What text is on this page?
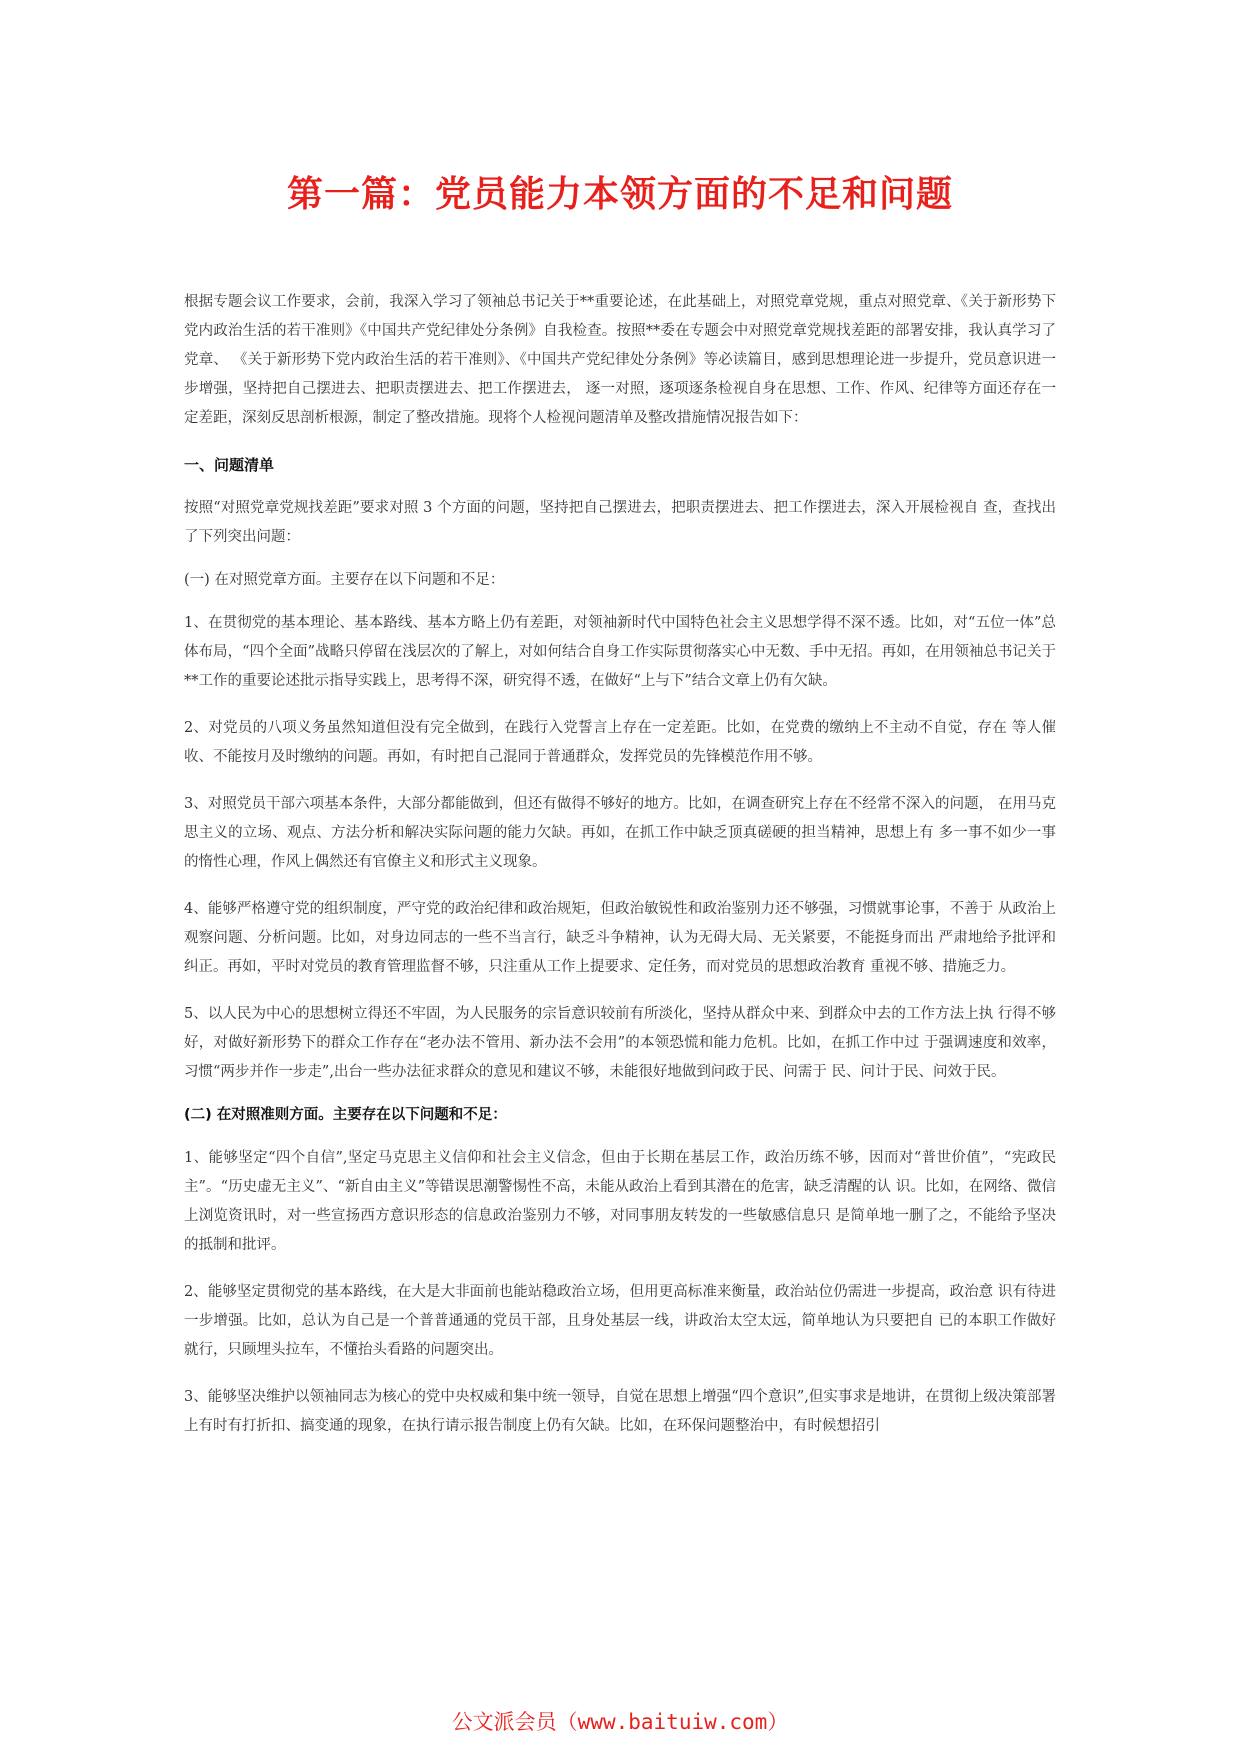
第一篇：党员能力本领方面的不足和问题

根据专题会议工作要求，会前，我深入学习了领袖总书记关于**重要论述，在此基础上，对照党章党规，重点对照党章、《关于新形势下党内政治生活的若干准则》《中国共产党纪律处分条例》自我检查。按照**委在专题会中对照党章党规找差距的部署安排，我认真学习了党章、 《关于新形势下党内政治生活的若干准则》、《中国共产党纪律处分条例》等必读篇目，感到思想理论进一步提升，党员意识进一步增强，坚持把自己摆进去、把职责摆进去、把工作摆进去， 逐一对照，逐项逐条检视自身在思想、工作、作风、纪律等方面还存在一定差距，深刻反思剖析根源，制定了整改措施。现将个人检视问题清单及整改措施情况报告如下：

一、问题清单

按照“对照党章党规找差距”要求对照 3 个方面的问题，坚持把自己摆进去，把职责摆进去、把工作摆进去，深入开展检视自 查，查找出了下列突出问题：

(一) 在对照党章方面。主要存在以下问题和不足：

1、在贯彻党的基本理论、基本路线、基本方略上仍有差距，对领袖新时代中国特色社会主义思想学得不深不透。比如，对“五位一体”总体布局，“四个全面”战略只停留在浅层次的了解上，对如何结合自身工作实际贯彻落实心中无数、手中无招。再如，在用领袖总书记关于**工作的重要论述批示指导实践上，思考得不深，研究得不透，在做好“上与下”结合文章上仍有欠缺。

2、对党员的八项义务虽然知道但没有完全做到，在践行入党誓言上存在一定差距。比如，在党费的缴纳上不主动不自觉，存在 等人催收、不能按月及时缴纳的问题。再如，有时把自己混同于普通群众，发挥党员的先锋模范作用不够。

3、对照党员干部六项基本条件，大部分都能做到，但还有做得不够好的地方。比如，在调查研究上存在不经常不深入的问题， 在用马克思主义的立场、观点、方法分析和解决实际问题的能力欠缺。再如，在抓工作中缺乏顶真磋硬的担当精神，思想上有 多一事不如少一事的惰性心理，作风上偶然还有官僚主义和形式主义现象。

4、能够严格遵守党的组织制度，严守党的政治纪律和政治规矩，但政治敏锐性和政治鉴别力还不够强，习惯就事论事，不善于 从政治上观察问题、分析问题。比如，对身边同志的一些不当言行，缺乏斗争精神，认为无碍大局、无关紧要，不能挺身而出 严肃地给予批评和纠正。再如，平时对党员的教育管理监督不够，只注重从工作上提要求、定任务，而对党员的思想政治教育 重视不够、措施乏力。

5、以人民为中心的思想树立得还不牢固，为人民服务的宗旨意识较前有所淡化，坚持从群众中来、到群众中去的工作方法上执 行得不够好，对做好新形势下的群众工作存在“老办法不管用、新办法不会用”的本领恐慌和能力危机。比如，在抓工作中过 于强调速度和效率，习惯“两步并作一步走”,出台一些办法征求群众的意见和建议不够，未能很好地做到问政于民、问需于 民、问计于民、问效于民。

(二) 在对照准则方面。主要存在以下问题和不足：

1、能够坚定“四个自信”,坚定马克思主义信仰和社会主义信念，但由于长期在基层工作，政治历练不够，因而对“普世价值”，“宪政民主”。“历史虚无主义”、“新自由主义”等错误思潮警惕性不高，未能从政治上看到其潜在的危害，缺乏清醒的认 识。比如，在网络、微信上浏览资讯时，对一些宣扬西方意识形态的信息政治鉴别力不够，对同事朋友转发的一些敏感信息只 是简单地一删了之，不能给予坚决的抵制和批评。

2、能够坚定贯彻党的基本路线，在大是大非面前也能站稳政治立场，但用更高标准来衡量，政治站位仍需进一步提高，政治意 识有待进一步增强。比如，总认为自己是一个普普通通的党员干部，且身处基层一线，讲政治太空太远，简单地认为只要把自 已的本职工作做好就行，只顾埋头拉车，不懂抬头看路的问题突出。

3、能够坚决维护以领袖同志为核心的党中央权威和集中统一领导，自觉在思想上增强“四个意识”,但实事求是地讲，在贯彻上级决策部署上有时有打折扣、搞变通的现象，在执行请示报告制度上仍有欠缺。比如，在环保问题整治中，有时候想招引

公文派会员（www.baituiw.com）
